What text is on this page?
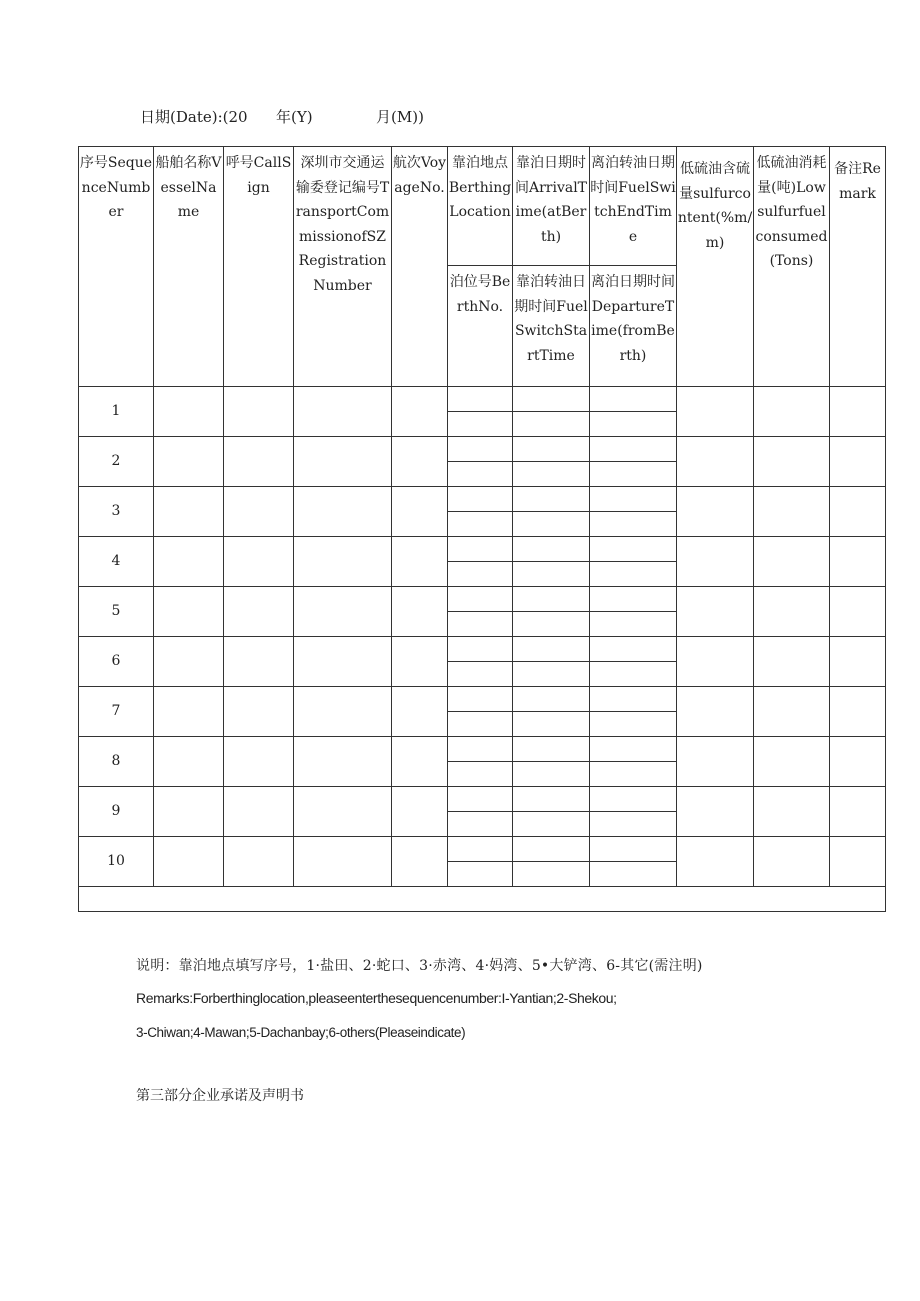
日期(Date):(20 年(Y)	月(M))
序号SequenceNumber	船舶名称VesselName	呼号CallSign	深圳市交通运输委登记编号TransportCommissionofSZRegistrationNumber	航次VoyageNo.	靠泊地点BerthingLocation	靠泊日期时间ArrivalTime(atBerth)	离泊转油日期时间FuelSwitchEndTime	低硫油含硫量sulfurcontent(%m/m)	低硫油消耗量(吨)Lowsulfurfuelconsumed(Tons)	备注Remark
					泊位号BerthNo.	靠泊转油日期时间FuelSwitchStartTime	离泊日期时间DepartureTime(fromBerth)			
1										

2										

3										

4										

5										

6										

7										

8										

9										

10										

说明：靠泊地点填写序号，1·盐田、2·蛇口、3·赤湾、4·妈湾、5•大铲湾、6-其它(需注明)
Remarks:Forberthinglocation,pleaseenterthesequencenumber:I-Yantian;2-Shekou;
3-Chiwan;4-Mawan;5-Dachanbay;6-others(Pleaseindicate)
第三部分企业承诺及声明书
